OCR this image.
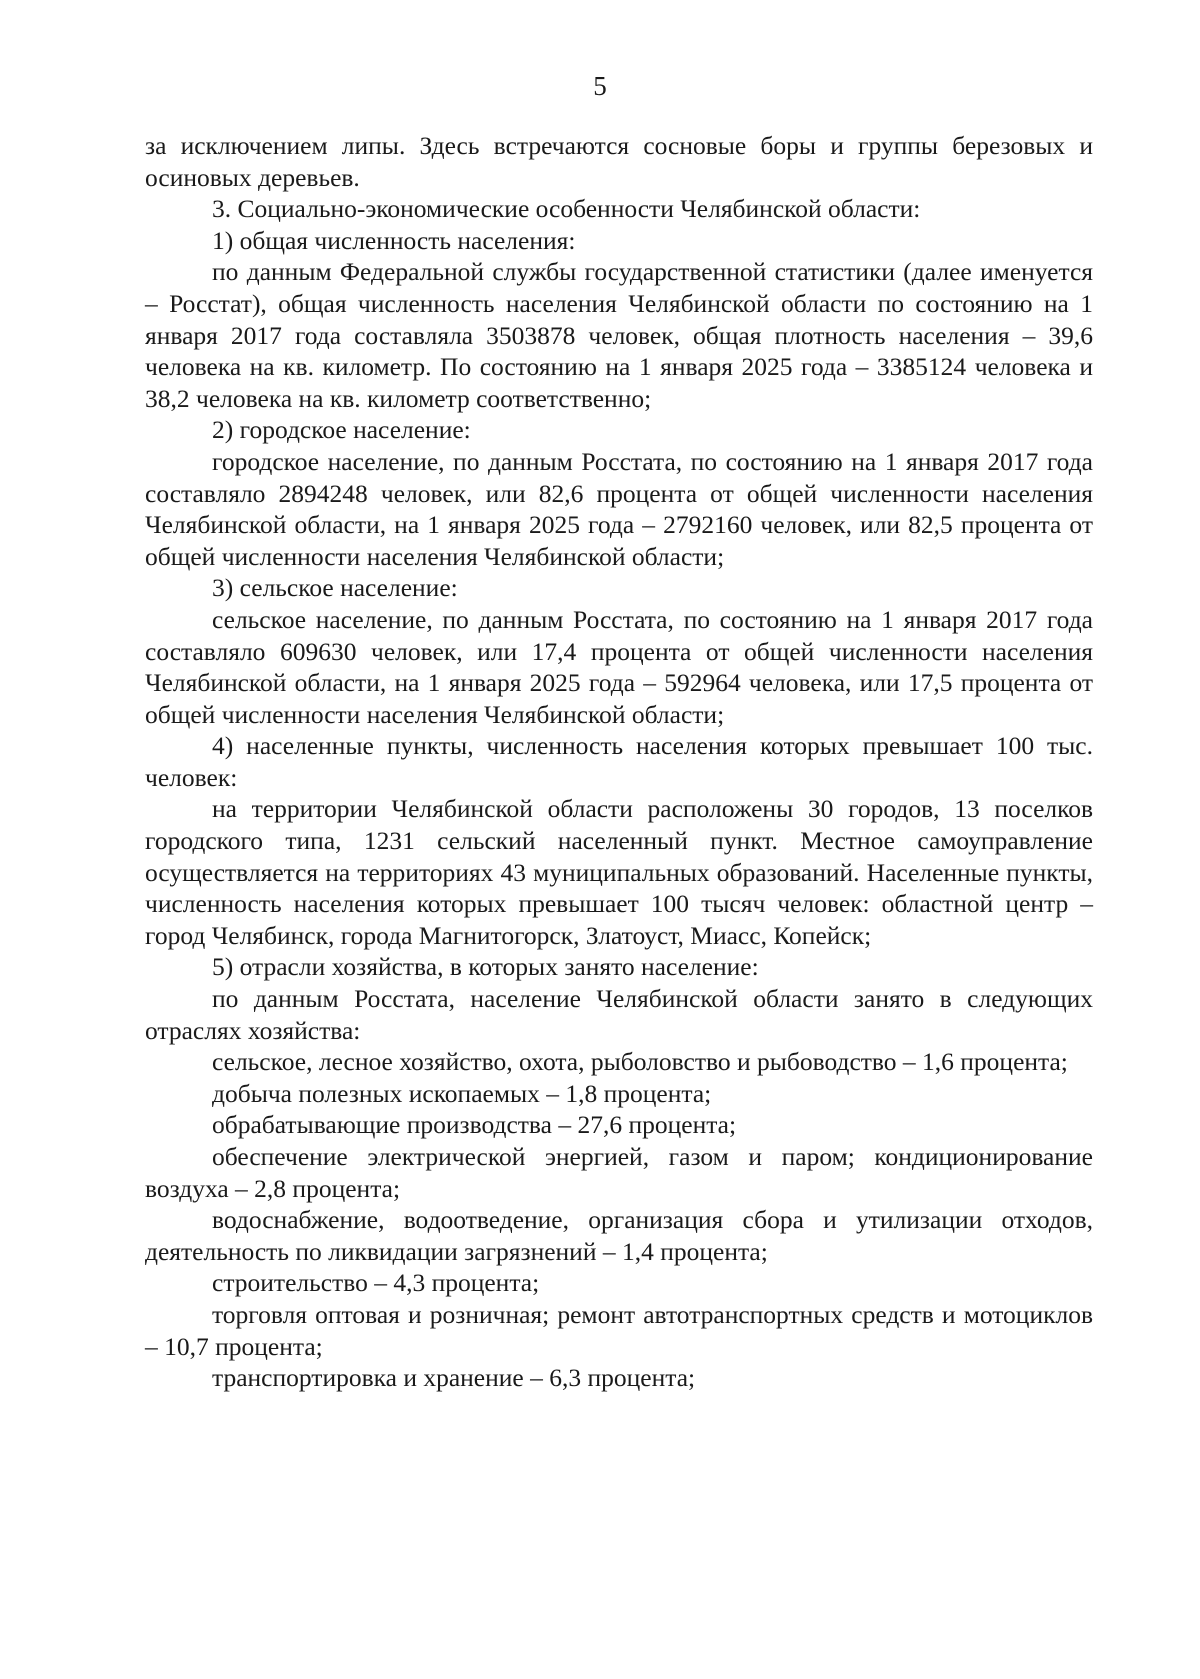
5

за исключением липы. Здесь встречаются сосновые боры и группы березовых и осиновых деревьев.

3. Социально-экономические особенности Челябинской области:

1) общая численность населения:

по данным Федеральной службы государственной статистики (далее именуется – Росстат), общая численность населения Челябинской области по состоянию на 1 января 2017 года составляла 3503878 человек, общая плотность населения – 39,6 человека на кв. километр. По состоянию на 1 января 2025 года – 3385124 человека и 38,2 человека на кв. километр соответственно;

2) городское население:

городское население, по данным Росстата, по состоянию на 1 января 2017 года составляло 2894248 человек, или 82,6 процента от общей численности населения Челябинской области, на 1 января 2025 года – 2792160 человек, или 82,5 процента от общей численности населения Челябинской области;

3) сельское население:

сельское население, по данным Росстата, по состоянию на 1 января 2017 года составляло 609630 человек, или 17,4 процента от общей численности населения Челябинской области, на 1 января 2025 года – 592964 человека, или 17,5 процента от общей численности населения Челябинской области;

4) населенные пункты, численность населения которых превышает 100 тыс. человек:

на территории Челябинской области расположены 30 городов, 13 поселков городского типа, 1231 сельский населенный пункт. Местное самоуправление осуществляется на территориях 43 муниципальных образований. Населенные пункты, численность населения которых превышает 100 тысяч человек: областной центр – город Челябинск, города Магнитогорск, Златоуст, Миасс, Копейск;

5) отрасли хозяйства, в которых занято население:

по данным Росстата, население Челябинской области занято в следующих отраслях хозяйства:

сельское, лесное хозяйство, охота, рыболовство и рыбоводство – 1,6 процента;

добыча полезных ископаемых – 1,8 процента;

обрабатывающие производства – 27,6 процента;

обеспечение электрической энергией, газом и паром; кондиционирование воздуха – 2,8 процента;

водоснабжение, водоотведение, организация сбора и утилизации отходов, деятельность по ликвидации загрязнений – 1,4 процента;

строительство – 4,3 процента;

торговля оптовая и розничная; ремонт автотранспортных средств и мотоциклов – 10,7 процента;

транспортировка и хранение – 6,3 процента;
